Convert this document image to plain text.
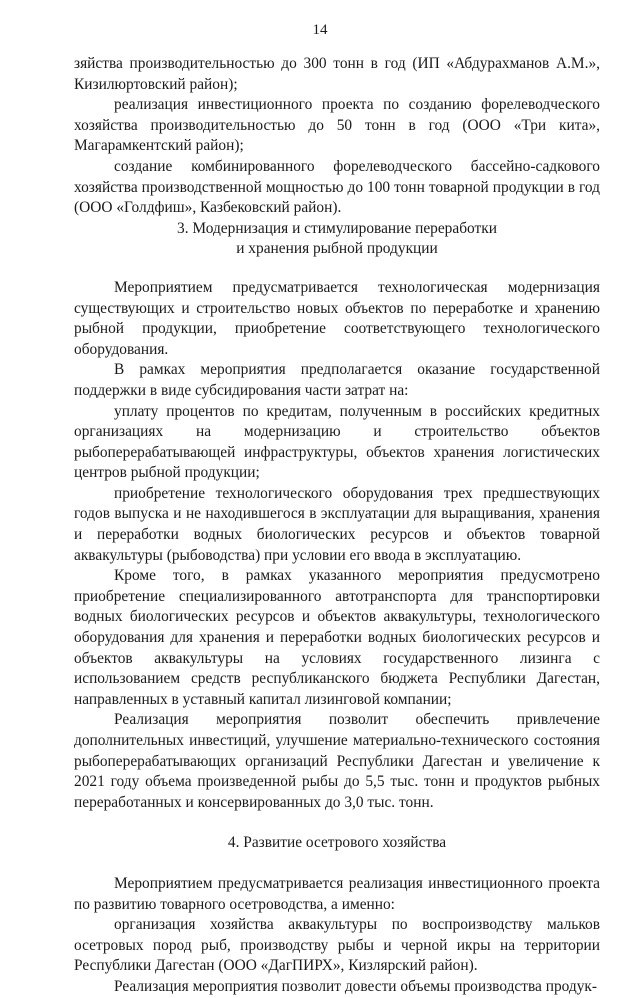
14

зяйства производительностью до 300 тонн в год (ИП «Абдурахманов А.М.», Кизилюртовский район);

реализация инвестиционного проекта по созданию форелеводческого хозяйства производительностью до 50 тонн в год (ООО «Три кита», Магарамкентский район);

создание комбинированного форелеводческого бассейно-садкового хозяйства производственной мощностью до 100 тонн товарной продукции в год (ООО «Голдфиш», Казбековский район).

3. Модернизация и стимулирование переработки

и хранения рыбной продукции

Мероприятием предусматривается технологическая модернизация существующих и строительство новых объектов по переработке и хранению рыбной продукции, приобретение соответствующего технологического оборудования.

В рамках мероприятия предполагается оказание государственной поддержки в виде субсидирования части затрат на:

уплату процентов по кредитам, полученным в российских кредитных организациях на модернизацию и строительство объектов рыбоперерабатывающей инфраструктуры, объектов хранения логистических центров рыбной продукции;

приобретение технологического оборудования трех предшествующих годов выпуска и не находившегося в эксплуатации для выращивания, хранения и переработки водных биологических ресурсов и объектов товарной аквакультуры (рыбоводства) при условии его ввода в эксплуатацию.

Кроме того, в рамках указанного мероприятия предусмотрено приобретение специализированного автотранспорта для транспортировки водных биологических ресурсов и объектов аквакультуры, технологического оборудования для хранения и переработки водных биологических ресурсов и объектов аквакультуры на условиях государственного лизинга с использованием средств республиканского бюджета Республики Дагестан, направленных в уставный капитал лизинговой компании;

Реализация мероприятия позволит обеспечить привлечение дополнительных инвестиций, улучшение материально-технического состояния рыбоперерабатывающих организаций Республики Дагестан и увеличение к 2021 году объема произведенной рыбы до 5,5 тыс. тонн и продуктов рыбных переработанных и консервированных до 3,0 тыс. тонн.

4. Развитие осетрового хозяйства

Мероприятием предусматривается реализация инвестиционного проекта по развитию товарного осетроводства, а именно:

организация хозяйства аквакультуры по воспроизводству мальков осетровых пород рыб, производству рыбы и черной икры на территории Республики Дагестан (ООО «ДагПИРХ», Кизлярский район).

Реализация мероприятия позволит довести объемы производства продук-
